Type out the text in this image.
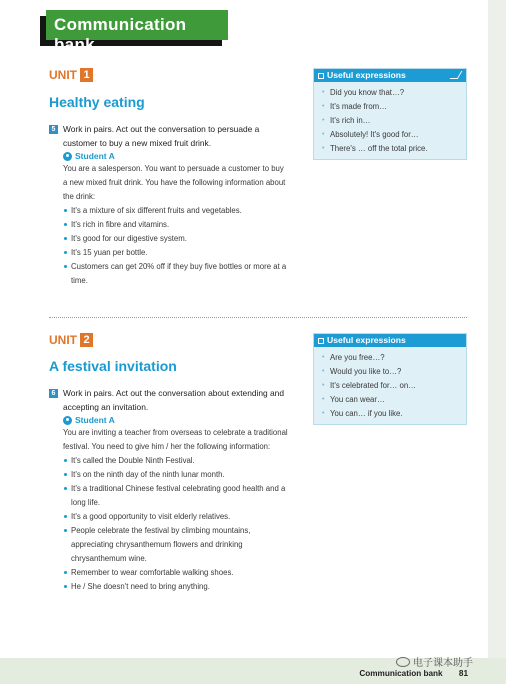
Communication bank
UNIT 1
Healthy eating
5 Work in pairs. Act out the conversation to persuade a customer to buy a new mixed fruit drink.
Student A
You are a salesperson. You want to persuade a customer to buy a new mixed fruit drink. You have the following information about the drink:
It's a mixture of six different fruits and vegetables.
It's rich in fibre and vitamins.
It's good for our digestive system.
It's 15 yuan per bottle.
Customers can get 20% off if they buy five bottles or more at a time.
Useful expressions
• Did you know that…?
• It's made from…
• It's rich in…
• Absolutely! It's good for…
• There's … off the total price.
UNIT 2
A festival invitation
6 Work in pairs. Act out the conversation about extending and accepting an invitation.
Student A
You are inviting a teacher from overseas to celebrate a traditional festival. You need to give him / her the following information:
It's called the Double Ninth Festival.
It's on the ninth day of the ninth lunar month.
It's a traditional Chinese festival celebrating good health and a long life.
It's a good opportunity to visit elderly relatives.
People celebrate the festival by climbing mountains, appreciating chrysanthemum flowers and drinking chrysanthemum wine.
Remember to wear comfortable walking shoes.
He / She doesn't need to bring anything.
Useful expressions
• Are you free…?
• Would you like to…?
• It's celebrated for… on…
• You can wear…
• You can… if you like.
电子课本助手
Communication bank 81
